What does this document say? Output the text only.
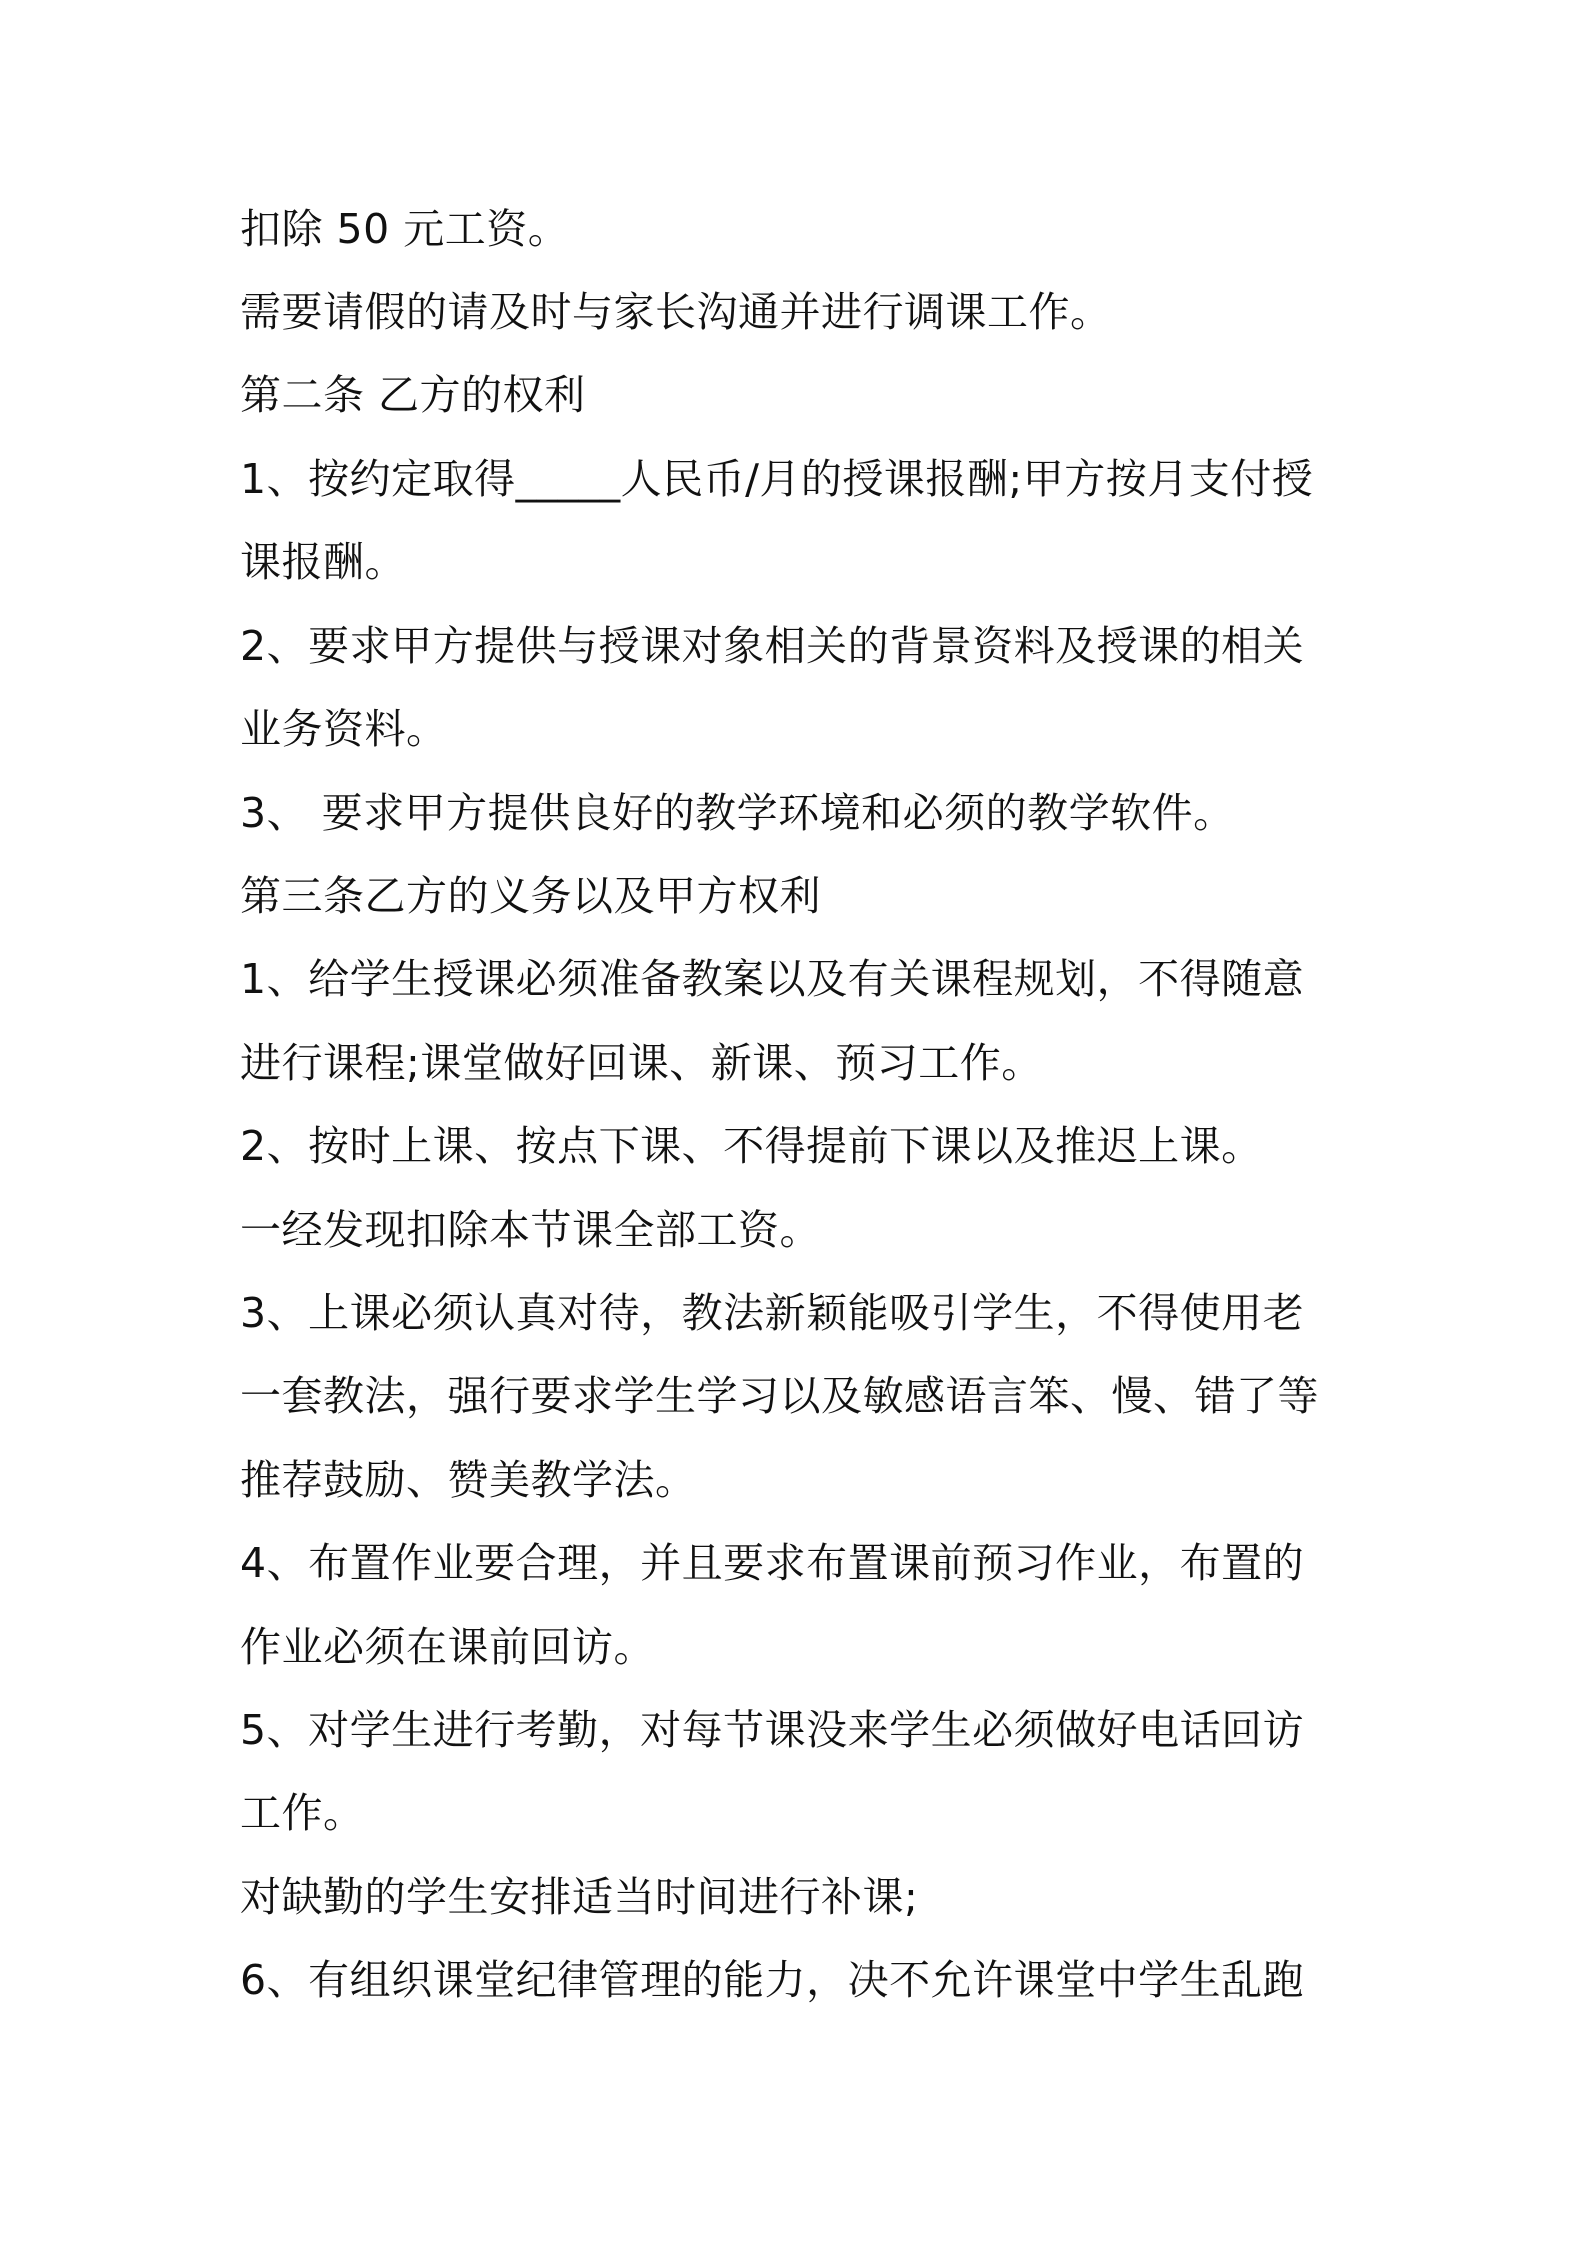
扣除 50 元工资。
需要请假的请及时与家长沟通并进行调课工作。
第二条 乙方的权利
1、按约定取得_____人民币/月的授课报酬;甲方按月支付授
课报酬。
2、要求甲方提供与授课对象相关的背景资料及授课的相关
业务资料。
3、 要求甲方提供良好的教学环境和必须的教学软件。
第三条乙方的义务以及甲方权利
1、给学生授课必须准备教案以及有关课程规划，不得随意
进行课程;课堂做好回课、新课、预习工作。
2、按时上课、按点下课、不得提前下课以及推迟上课。
一经发现扣除本节课全部工资。
3、上课必须认真对待，教法新颖能吸引学生，不得使用老
一套教法，强行要求学生学习以及敏感语言笨、慢、错了等
推荐鼓励、赞美教学法。
4、布置作业要合理，并且要求布置课前预习作业，布置的
作业必须在课前回访。
5、对学生进行考勤，对每节课没来学生必须做好电话回访
工作。
对缺勤的学生安排适当时间进行补课;
6、有组织课堂纪律管理的能力，决不允许课堂中学生乱跑
